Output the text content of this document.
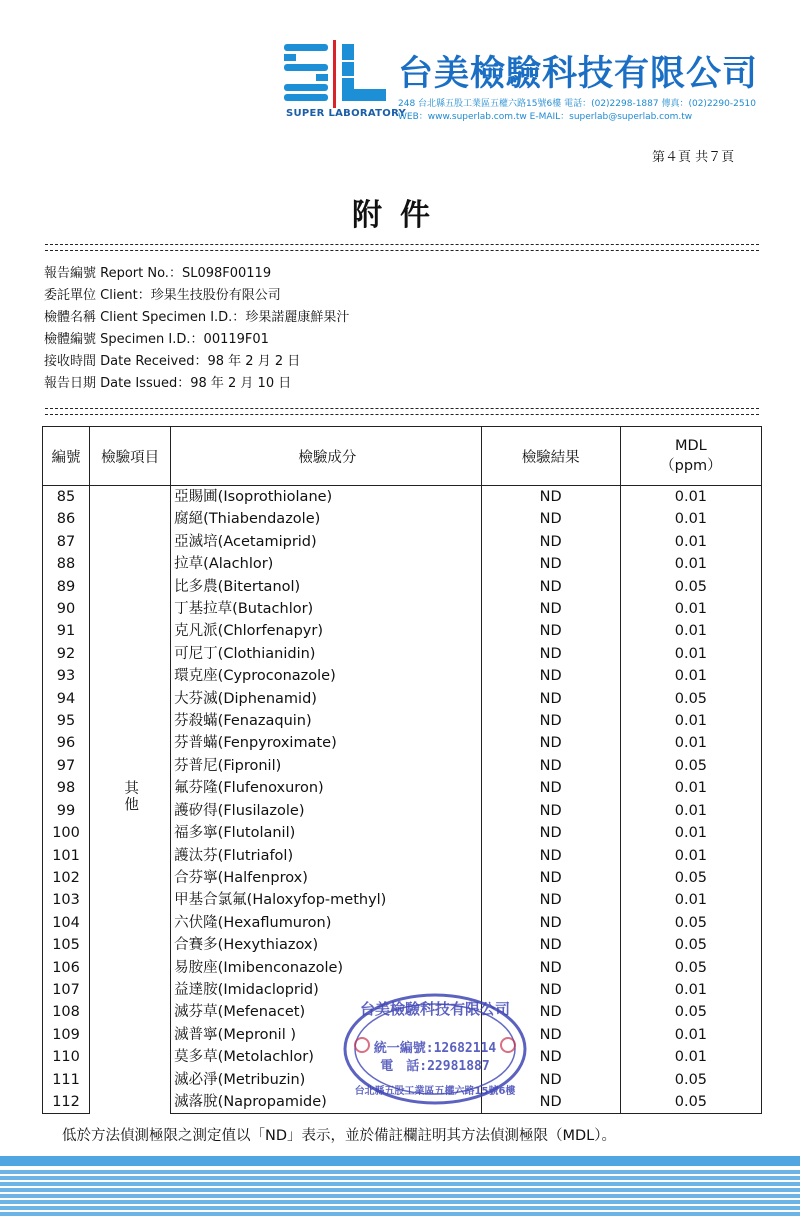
SUPER LABORATORY
台美檢驗科技有限公司
248 台北縣五股工業區五權六路15號6樓 電話：(02)2298-1887 傳真：(02)2290-2510
WEB：www.superlab.com.tw E-MAIL：superlab@superlab.com.tw
第４頁 共７頁
附件
報告編號 Report No.：SL098F00119
委託單位 Client：珍果生技股份有限公司
檢體名稱 Client Specimen I.D.：珍果諾麗康鮮果汁
檢體編號 Specimen I.D.：00119F01
接收時間 Date Received：98 年 2 月 2 日
報告日期 Date Issued：98 年 2 月 10 日
編號	檢驗項目	檢驗成分	檢驗結果	MDL
（ppm）

85	其他	亞賜圃(Isoprothiolane)	ND	0.01
86		腐絕(Thiabendazole)	ND	0.01
87		亞滅培(Acetamiprid)	ND	0.01
88		拉草(Alachlor)	ND	0.01
89		比多農(Bitertanol)	ND	0.05
90		丁基拉草(Butachlor)	ND	0.01
91		克凡派(Chlorfenapyr)	ND	0.01
92		可尼丁(Clothianidin)	ND	0.01
93		環克座(Cyproconazole)	ND	0.01
94		大芬滅(Diphenamid)	ND	0.05
95		芬殺蟎(Fenazaquin)	ND	0.01
96		芬普蟎(Fenpyroximate)	ND	0.01
97		芬普尼(Fipronil)	ND	0.05
98		氟芬隆(Flufenoxuron)	ND	0.01
99		護矽得(Flusilazole)	ND	0.01
100		福多寧(Flutolanil)	ND	0.01
101		護汰芬(Flutriafol)	ND	0.01
102		合芬寧(Halfenprox)	ND	0.05
103		甲基合氯氟(Haloxyfop-methyl)	ND	0.01
104		六伏隆(Hexaflumuron)	ND	0.05
105		合賽多(Hexythiazox)	ND	0.05
106		易胺座(Imibenconazole)	ND	0.05
107		益達胺(Imidacloprid)	ND	0.01
108		滅芬草(Mefenacet)	ND	0.05
109		滅普寧(Mepronil )	ND	0.01
110		莫多草(Metolachlor)	ND	0.01
111		滅必淨(Metribuzin)	ND	0.05
112		滅落脫(Napropamide)	ND	0.05
台美檢驗科技有限公司
統一編號:12682114
電　話:22981887
台北縣五股工業區五權六路15號6樓
低於方法偵測極限之測定值以「ND」表示，並於備註欄註明其方法偵測極限（MDL）。
